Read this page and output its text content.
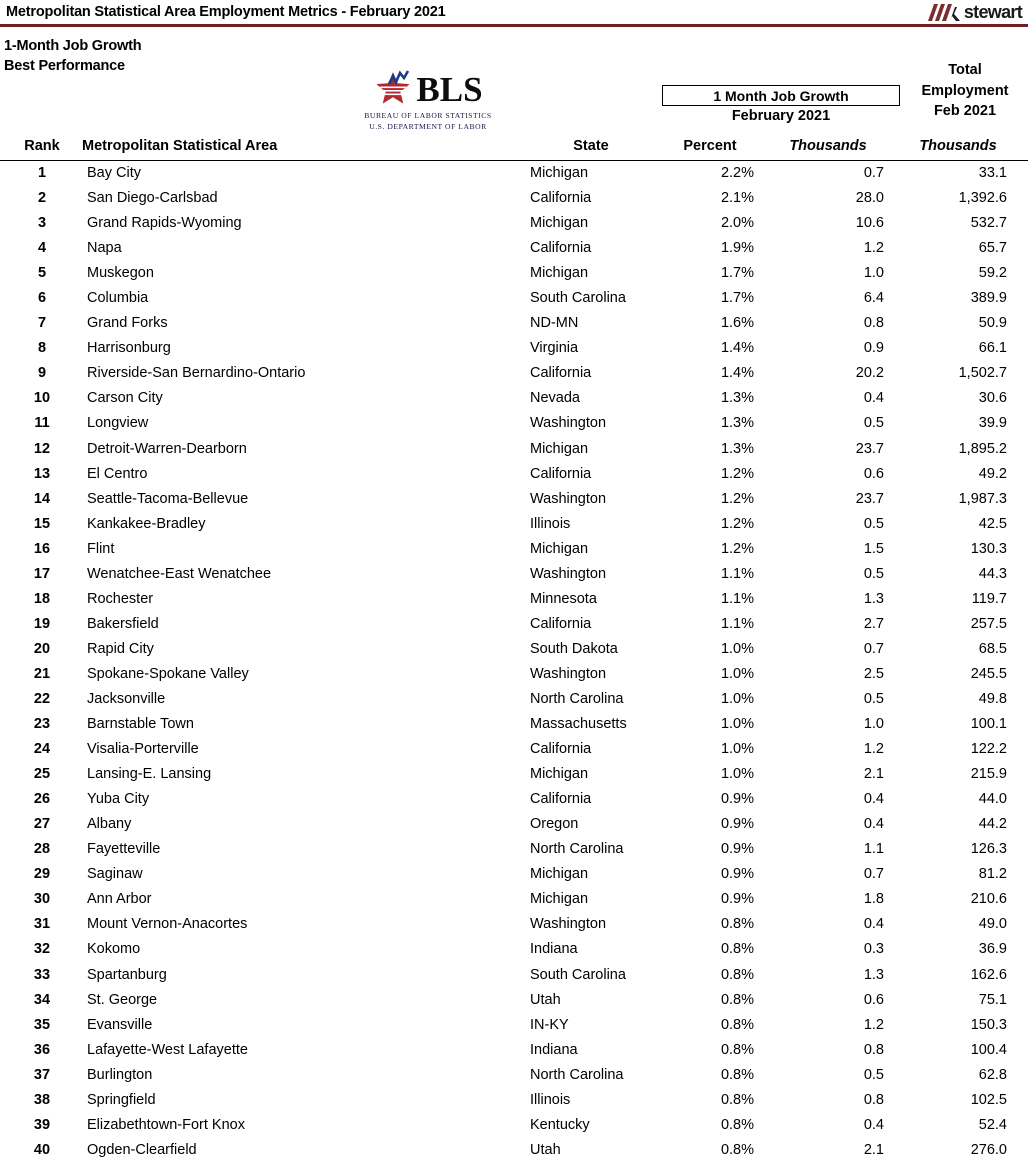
Metropolitan Statistical Area Employment Metrics - February 2021	stewart
1-Month Job Growth
Best Performance
BLS
BUREAU OF LABOR STATISTICS
U.S. DEPARTMENT OF LABOR
Total
Employment
Feb 2021
1 Month Job Growth
February 2021
Rank	Metropolitan Statistical Area	State	Percent	Thousands	Thousands
1	Bay City	Michigan	2.2%	0.7	33.1
2	San Diego-Carlsbad	California	2.1%	28.0	1,392.6
3	Grand Rapids-Wyoming	Michigan	2.0%	10.6	532.7
4	Napa	California	1.9%	1.2	65.7
5	Muskegon	Michigan	1.7%	1.0	59.2
6	Columbia	South Carolina	1.7%	6.4	389.9
7	Grand Forks	ND-MN	1.6%	0.8	50.9
8	Harrisonburg	Virginia	1.4%	0.9	66.1
9	Riverside-San Bernardino-Ontario	California	1.4%	20.2	1,502.7
10	Carson City	Nevada	1.3%	0.4	30.6
11	Longview	Washington	1.3%	0.5	39.9
12	Detroit-Warren-Dearborn	Michigan	1.3%	23.7	1,895.2
13	El Centro	California	1.2%	0.6	49.2
14	Seattle-Tacoma-Bellevue	Washington	1.2%	23.7	1,987.3
15	Kankakee-Bradley	Illinois	1.2%	0.5	42.5
16	Flint	Michigan	1.2%	1.5	130.3
17	Wenatchee-East Wenatchee	Washington	1.1%	0.5	44.3
18	Rochester	Minnesota	1.1%	1.3	119.7
19	Bakersfield	California	1.1%	2.7	257.5
20	Rapid City	South Dakota	1.0%	0.7	68.5
21	Spokane-Spokane Valley	Washington	1.0%	2.5	245.5
22	Jacksonville	North Carolina	1.0%	0.5	49.8
23	Barnstable Town	Massachusetts	1.0%	1.0	100.1
24	Visalia-Porterville	California	1.0%	1.2	122.2
25	Lansing-E. Lansing	Michigan	1.0%	2.1	215.9
26	Yuba City	California	0.9%	0.4	44.0
27	Albany	Oregon	0.9%	0.4	44.2
28	Fayetteville	North Carolina	0.9%	1.1	126.3
29	Saginaw	Michigan	0.9%	0.7	81.2
30	Ann Arbor	Michigan	0.9%	1.8	210.6
31	Mount Vernon-Anacortes	Washington	0.8%	0.4	49.0
32	Kokomo	Indiana	0.8%	0.3	36.9
33	Spartanburg	South Carolina	0.8%	1.3	162.6
34	St. George	Utah	0.8%	0.6	75.1
35	Evansville	IN-KY	0.8%	1.2	150.3
36	Lafayette-West Lafayette	Indiana	0.8%	0.8	100.4
37	Burlington	North Carolina	0.8%	0.5	62.8
38	Springfield	Illinois	0.8%	0.8	102.5
39	Elizabethtown-Fort Knox	Kentucky	0.8%	0.4	52.4
40	Ogden-Clearfield	Utah	0.8%	2.1	276.0
